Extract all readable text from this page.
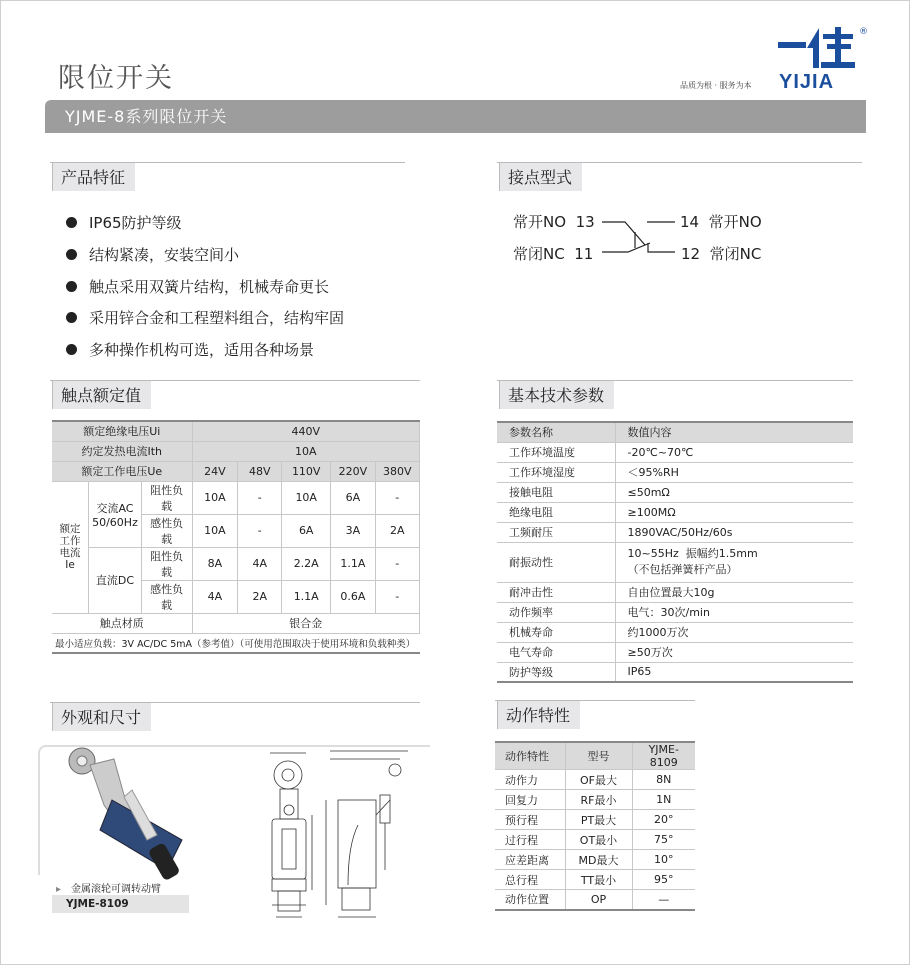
限位开关	YIJIA
®
品质为根 · 服务为本
YJME-8系列限位开关
产品特征	接点型式
触点额定值	基本技术参数
外观和尺寸	动作特性
IP65防护等级
结构紧凑，安装空间小
触点采用双簧片结构，机械寿命更长
采用锌合金和工程塑料组合，结构牢固
多种操作机构可选，适用各种场景
常开NO  13
常闭NC  11
14  常开NO
12  常闭NC
额定绝缘电压Ui			440V				
约定发热电流Ith			10A				
额定工作电压Ue			24V	48V	110V	220V	380V
额定工作电流Ie	交流AC 50/60Hz	阻性负载	10A	-	10A	6A	-
		感性负载	10A	-	6A	3A	2A
	直流DC	阻性负载	8A	4A	2.2A	1.1A	-
		感性负载	4A	2A	1.1A	0.6A	-
触点材质			银合金				
最小适应负载：3V AC/DC 5mA（参考值）（可使用范围取决于使用环境和负载种类）							
参数名称	数值内容
工作环境温度	-20℃~70℃
工作环境湿度	＜95%RH
接触电阻	≤50mΩ
绝缘电阻	≥100MΩ
工频耐压	1890VAC/50Hz/60s
耐振动性	10~55Hz  振幅约1.5mm
（不包括弹簧杆产品）
耐冲击性	自由位置最大10g
动作频率	电气：30次/min
机械寿命	约1000万次
电气寿命	≥50万次
防护等级	IP65
动作特性	型号	YJME-8109
动作力	OF最大	8N
回复力	RF最小	1N
预行程	PT最大	20°
过行程	OT最小	75°
应差距离	MD最大	10°
总行程	TT最小	95°
动作位置	OP	—
▸ 金属滚轮可调转动臂
YJME-8109
